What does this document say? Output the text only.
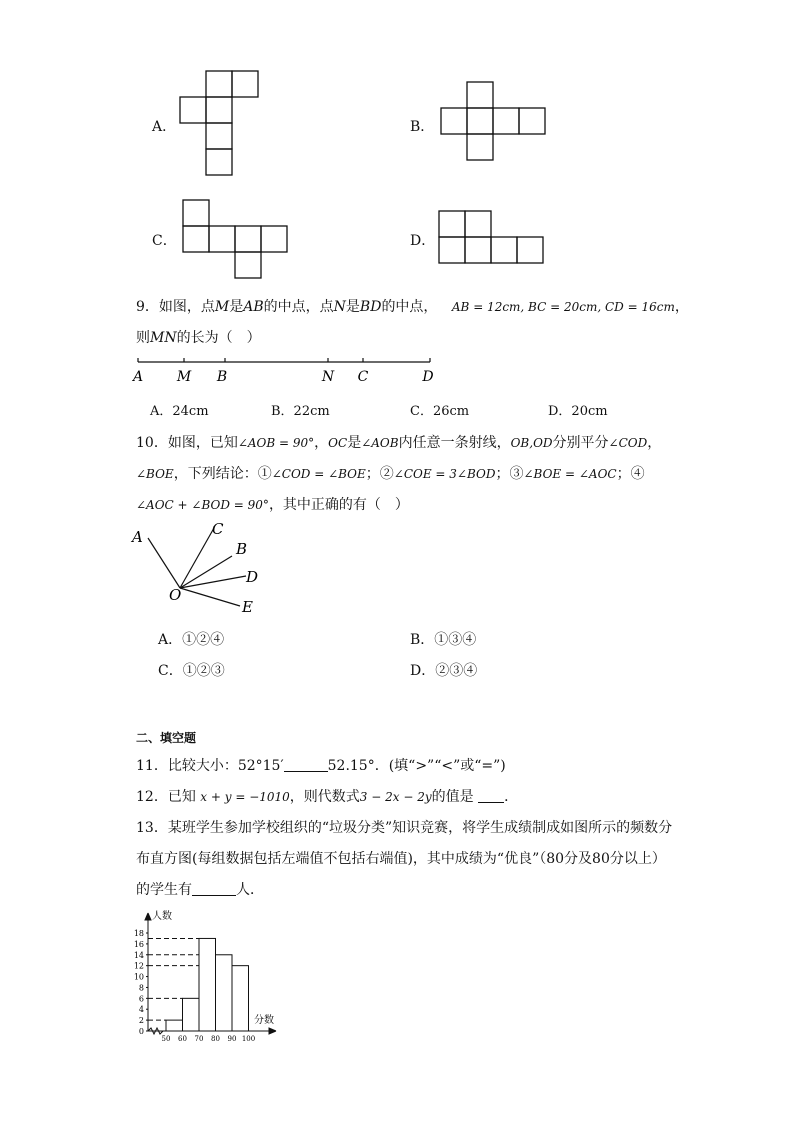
A．	B．
C．	D．
9．如图，点M是AB的中点，点N是BD的中点， AB = 12cm, BC = 20cm, CD = 16cm，
则MN的长为（　）
A M B	N C	D
A．24cm	B．22cm	C．26cm	D．20cm
10．如图，已知∠AOB = 90°，OC是∠AOB内任意一条射线，OB,OD分别平分∠COD，
∠BOE，下列结论：①∠COD = ∠BOE；②∠COE = 3∠BOD；③∠BOE = ∠AOC；④
∠AOC + ∠BOD = 90°，其中正确的有（　）
A	C
B
D
O
E
A．①②④	B．①③④
C．①②③	D．②③④
二、填空题
11．比较大小：52°15′	52.15°．(填“>”“<”或“=”)
12．已知 x + y = −1010，则代数式3 − 2x − 2y的值是 ．
13．某班学生参加学校组织的“垃圾分类”知识竞赛，将学生成绩制成如图所示的频数分
布直方图(每组数据包括左端值不包括右端值)，其中成绩为“优良”（80分及80分以上）
的学生有	人．
0
2
4
6
8
10
12
14
16
18
50 60 70 80 90 100
人数
分数
